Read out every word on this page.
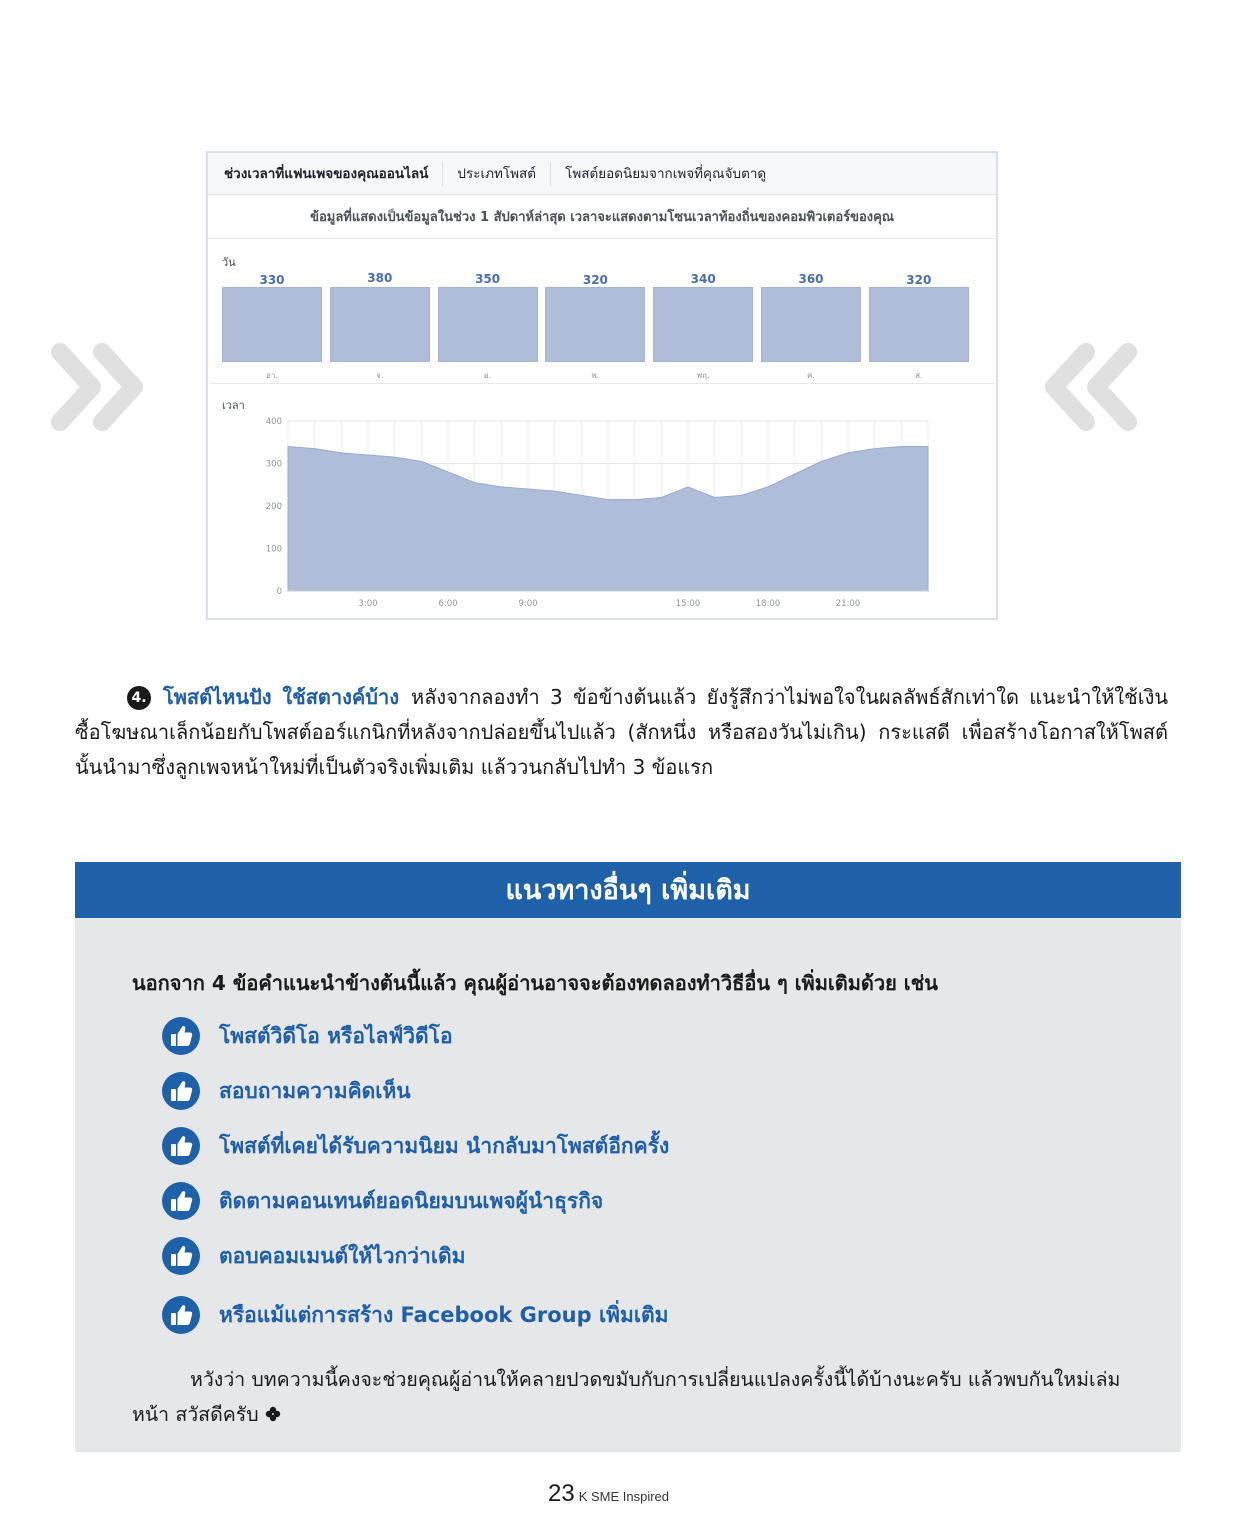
ช่วงเวลาที่แฟนเพจของคุณออนไลน์	ประเภทโพสต์	โพสต์ยอดนิยมจากเพจที่คุณจับตาดู
ข้อมูลที่แสดงเป็นข้อมูลในช่วง 1 สัปดาห์ล่าสุด เวลาจะแสดงตามโซนเวลาท้องถิ่นของคอมพิวเตอร์ของคุณ
วัน
330
อา.
380
จ.
350
อ.
320
พ.
340
พฤ.
360
ศ.
320
ส.
เวลา
0
100
200
300
400
3:00	6:00	9:00	15:00	18:00	21:00
4. โพสต์ไหนปัง ใช้สตางค์บ้าง หลังจากลองทำ 3 ข้อข้างต้นแล้ว ยังรู้สึกว่าไม่พอใจในผลลัพธ์สักเท่าใด แนะนำให้ใช้เงินซื้อโฆษณาเล็กน้อยกับโพสต์ออร์แกนิกที่หลังจากปล่อยขึ้นไปแล้ว (สักหนึ่ง หรือสองวันไม่เกิน) กระแสดี เพื่อสร้างโอกาสให้โพสต์นั้นนำมาซึ่งลูกเพจหน้าใหม่ที่เป็นตัวจริงเพิ่มเติม แล้ววนกลับไปทำ 3 ข้อแรก
แนวทางอื่นๆ เพิ่มเติม
นอกจาก 4 ข้อคำแนะนำข้างต้นนี้แล้ว คุณผู้อ่านอาจจะต้องทดลองทำวิธีอื่น ๆ เพิ่มเติมด้วย เช่น
โพสต์วิดีโอ หรือไลฟ์วิดีโอ
สอบถามความคิดเห็น
โพสต์ที่เคยได้รับความนิยม นำกลับมาโพสต์อีกครั้ง
ติดตามคอนเทนต์ยอดนิยมบนเพจผู้นำธุรกิจ
ตอบคอมเมนต์ให้ไวกว่าเดิม
หรือแม้แต่การสร้าง Facebook Group เพิ่มเติม
หวังว่า บทความนี้คงจะช่วยคุณผู้อ่านให้คลายปวดขมับกับการเปลี่ยนแปลงครั้งนี้ได้บ้างนะครับ แล้วพบกันใหม่เล่มหน้า สวัสดีครับ
23 K SME Inspired
